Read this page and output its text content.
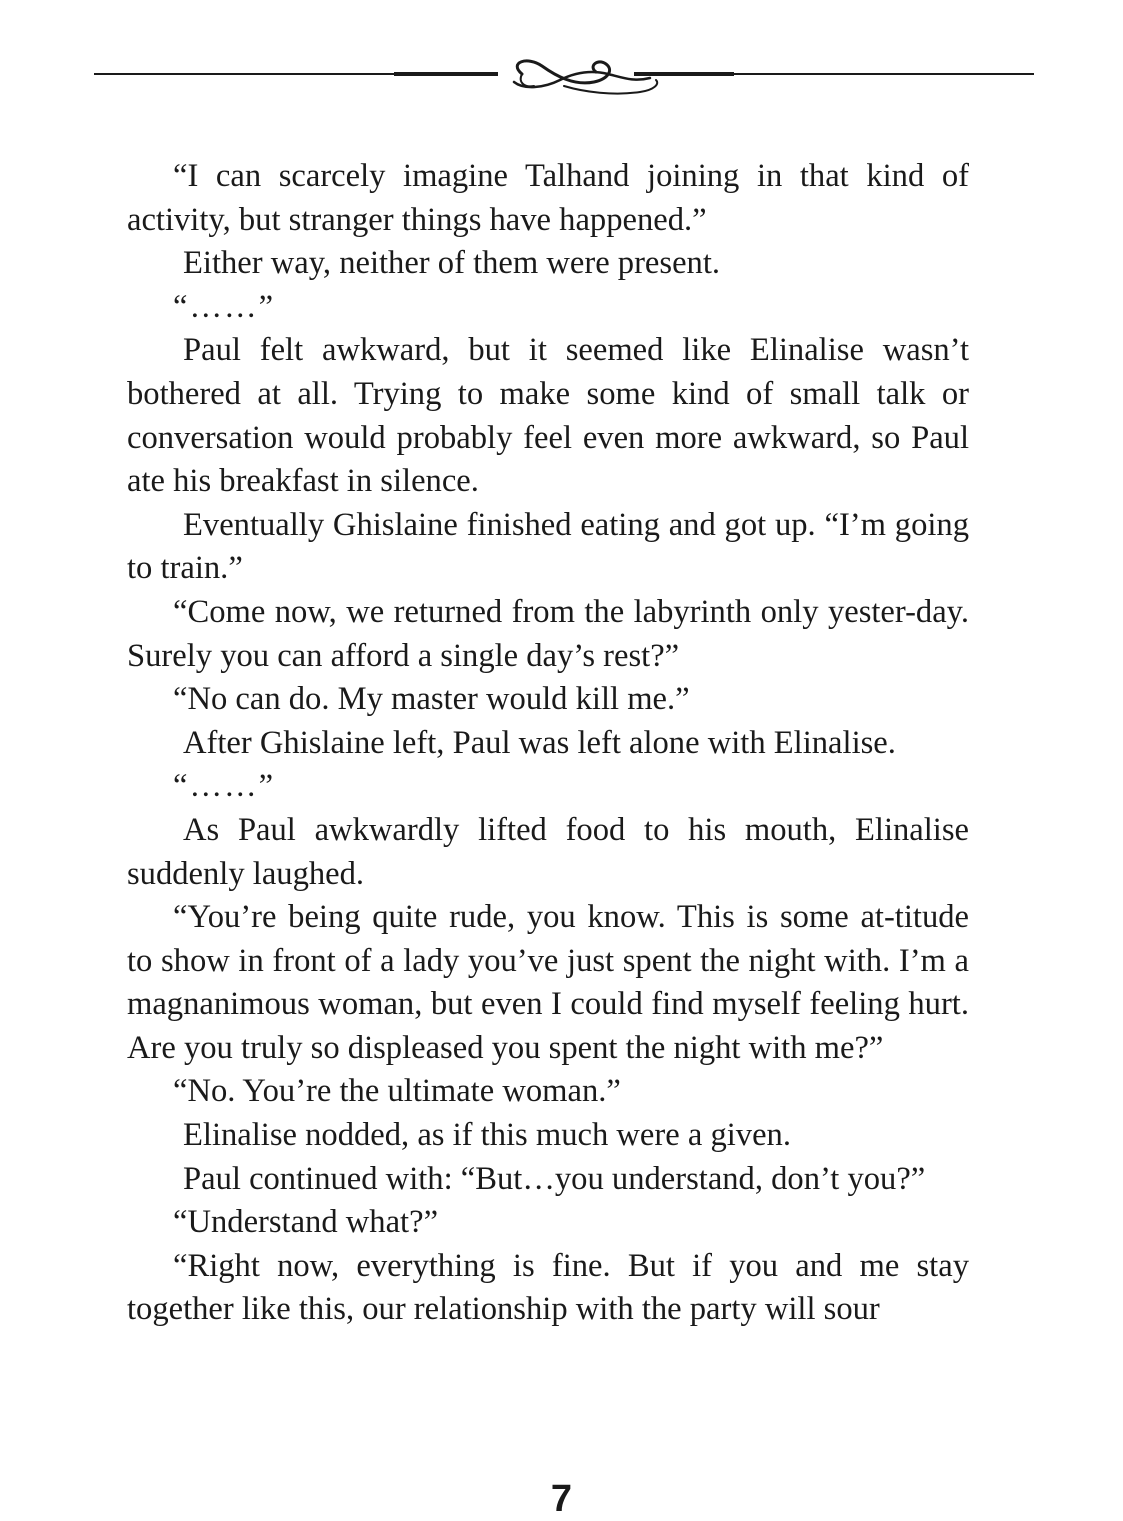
“I can scarcely imagine Talhand joining in that kind of activity, but stranger things have happened.”

Either way, neither of them were present.

“……”

Paul felt awkward, but it seemed like Elinalise wasn’t bothered at all. Trying to make some kind of small talk or conversation would probably feel even more awkward, so Paul ate his breakfast in silence.

Eventually Ghislaine finished eating and got up. “I’m going to train.”

“Come now, we returned from the labyrinth only yester-day. Surely you can afford a single day’s rest?”

“No can do. My master would kill me.”

After Ghislaine left, Paul was left alone with Elinalise.

“……”

As Paul awkwardly lifted food to his mouth, Elinalise suddenly laughed.

“You’re being quite rude, you know. This is some at-titude to show in front of a lady you’ve just spent the night with. I’m a magnanimous woman, but even I could find myself feeling hurt. Are you truly so displeased you spent the night with me?”

“No. You’re the ultimate woman.”

Elinalise nodded, as if this much were a given.

Paul continued with: “But…you understand, don’t you?”

“Understand what?”

“Right now, everything is fine. But if you and me stay together like this, our relationship with the party will sour

7
